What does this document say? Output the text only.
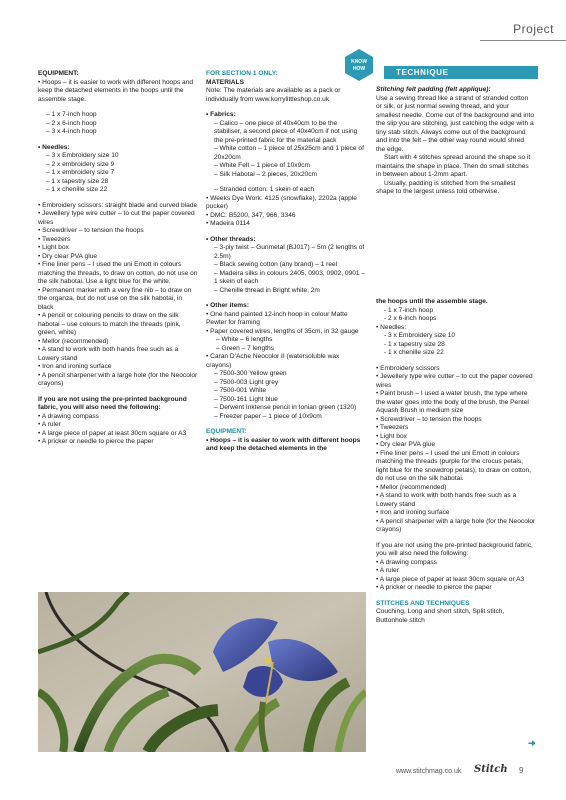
Project
EQUIPMENT:
• Hoops – it is easier to work with different hoops and keep the detached elements in the hoops until the assemble stage.
– 1 x 7-inch hoop
– 2 x 6-inch hoop
– 3 x 4-inch hoop
• Needles:
– 3 x Embroidery size 10
– 2 x embroidery size 9
– 1 x embroidery size 7
– 1 x tapestry size 28
– 1 x chenille size 22
• Embroidery scissors: straight blade and curved blade
• Jewellery type wire cutter – to cut the paper covered wires
• Screwdriver – to tension the hoops
• Tweezers
• Light box
• Dry clear PVA glue
• Fine liner pens – I used the uni Emott in colours matching the threads, to draw on cotton, do not use on the silk habotai. Use a light blue for the white.
• Permanent marker with a very fine nib – to draw on the organza, but do not use on the silk habotai, in black
• A pencil or colouring pencils to draw on the silk habotai – use colours to match the threads (pink, green, white)
• Mellor (recommended)
• A stand to work with both hands free such as a Lowery stand
• Iron and ironing surface
• A pencil sharpener with a large hole (for the Neocolor crayons)
If you are not using the pre-printed background fabric, you will also need the following:
• A drawing compass
• A ruler
• A large piece of paper at least 30cm square or A3
• A pricker or needle to pierce the paper
FOR SECTION 1 ONLY:
MATERIALS
Note: The materials are available as a pack or individually from www.korrylittleshop.co.uk
• Fabrics:
– Calico – one piece of 40x40cm to be the stabiliser, a second piece of 40x40cm if not using the pre-printed fabric for the material pack
– White cotton – 1 piece of 25x25cm and 1 piece of 20x20cm
– White Felt – 1 piece of 10x9cm
– Silk Habotai – 2 pieces, 20x20cm
– Stranded cotton: 1 skein of each
• Weeks Dye Work: 4125 (snowflake), 2202a (apple pucker)
• DMC: B5200, 347, 966, 3346
• Madeira 0114
• Other threads:
– 3-ply twist – Gunmetal (BJ017) – 5m (2 lengths of 2.5m)
– Black sewing cotton (any brand) – 1 reel
– Madeira silks in colours 2405, 0903, 0902, 0901 – 1 skein of each
– Chenille thread in Bright white, 2m
• Other items:
• One hand painted 12-inch hoop in colour Matte Pewter for framing
• Paper covered wires, lengths of 35cm, in 32 gauge
– White – 6 lengths
– Green – 7 lengths
• Caran D'Ache Neocolor II (watersoluble wax crayons)
– 7500-300 Yellow green
– 7500-003 Light grey
– 7500-001 White
– 7500-161 Light blue
– Derwent Inktense pencil in Ionian green (1320)
– Freezer paper – 1 piece of 10x9cm
EQUIPMENT:
• Hoops – it is easier to work with different hoops and keep the detached elements in the
KNOW
HOW	TECHNIQUE
Stitching felt padding (felt applique):
Use a sewing thread like a strand of stranded cotton or silk, or just normal sewing thread, and your smallest needle. Come out of the background and into the slip you are stitching, just catching the edge with a tiny stab stitch. Always come out of the background and into the felt – the other way round would shred the edge.
Start with 4 stitches spread around the shape so it maintains the shape in place. Then do small stitches in between about 1-2mm apart.
Usually, padding is stitched from the smallest shape to the largest unless told otherwise.
the hoops until the assemble stage.
- 1 x 7-inch hoop
- 2 x 6-inch hoops
• Needles:
- 3 x Embroidery size 10
- 1 x tapestry size 28
- 1 x chenille size 22
• Embroidery scissors
• Jewellery type wire cutter – to cut the paper covered wires
• Paint brush – I used a water brush, the type where the water goes into the body of the brush, the Pentel Aquash Brush in medium size
• Screwdriver – to tension the hoops
• Tweezers
• Light box
• Dry clear PVA glue
• Fine liner pens – I used the uni Emott in colours matching the threads (purple for the crocus petals, light blue for the snowdrop petals), to draw on cotton, do not use on the silk habotai.
• Mellor (recommended)
• A stand to work with both hands free such as a Lowery stand
• Iron and ironing surface
• A pencil sharpener with a large hole (for the Neocolor crayons)
If you are not using the pre-printed background fabric, you will also need the following:
• A drawing compass
• A ruler
• A large piece of paper at least 30cm square or A3
• A pricker or needle to pierce the paper
STITCHES AND TECHNIQUES
Couching, Long and short stitch, Split stitch, Buttonhole stitch
➜
www.stitchmag.co.uk Stitch 9
PassionForum.ru
